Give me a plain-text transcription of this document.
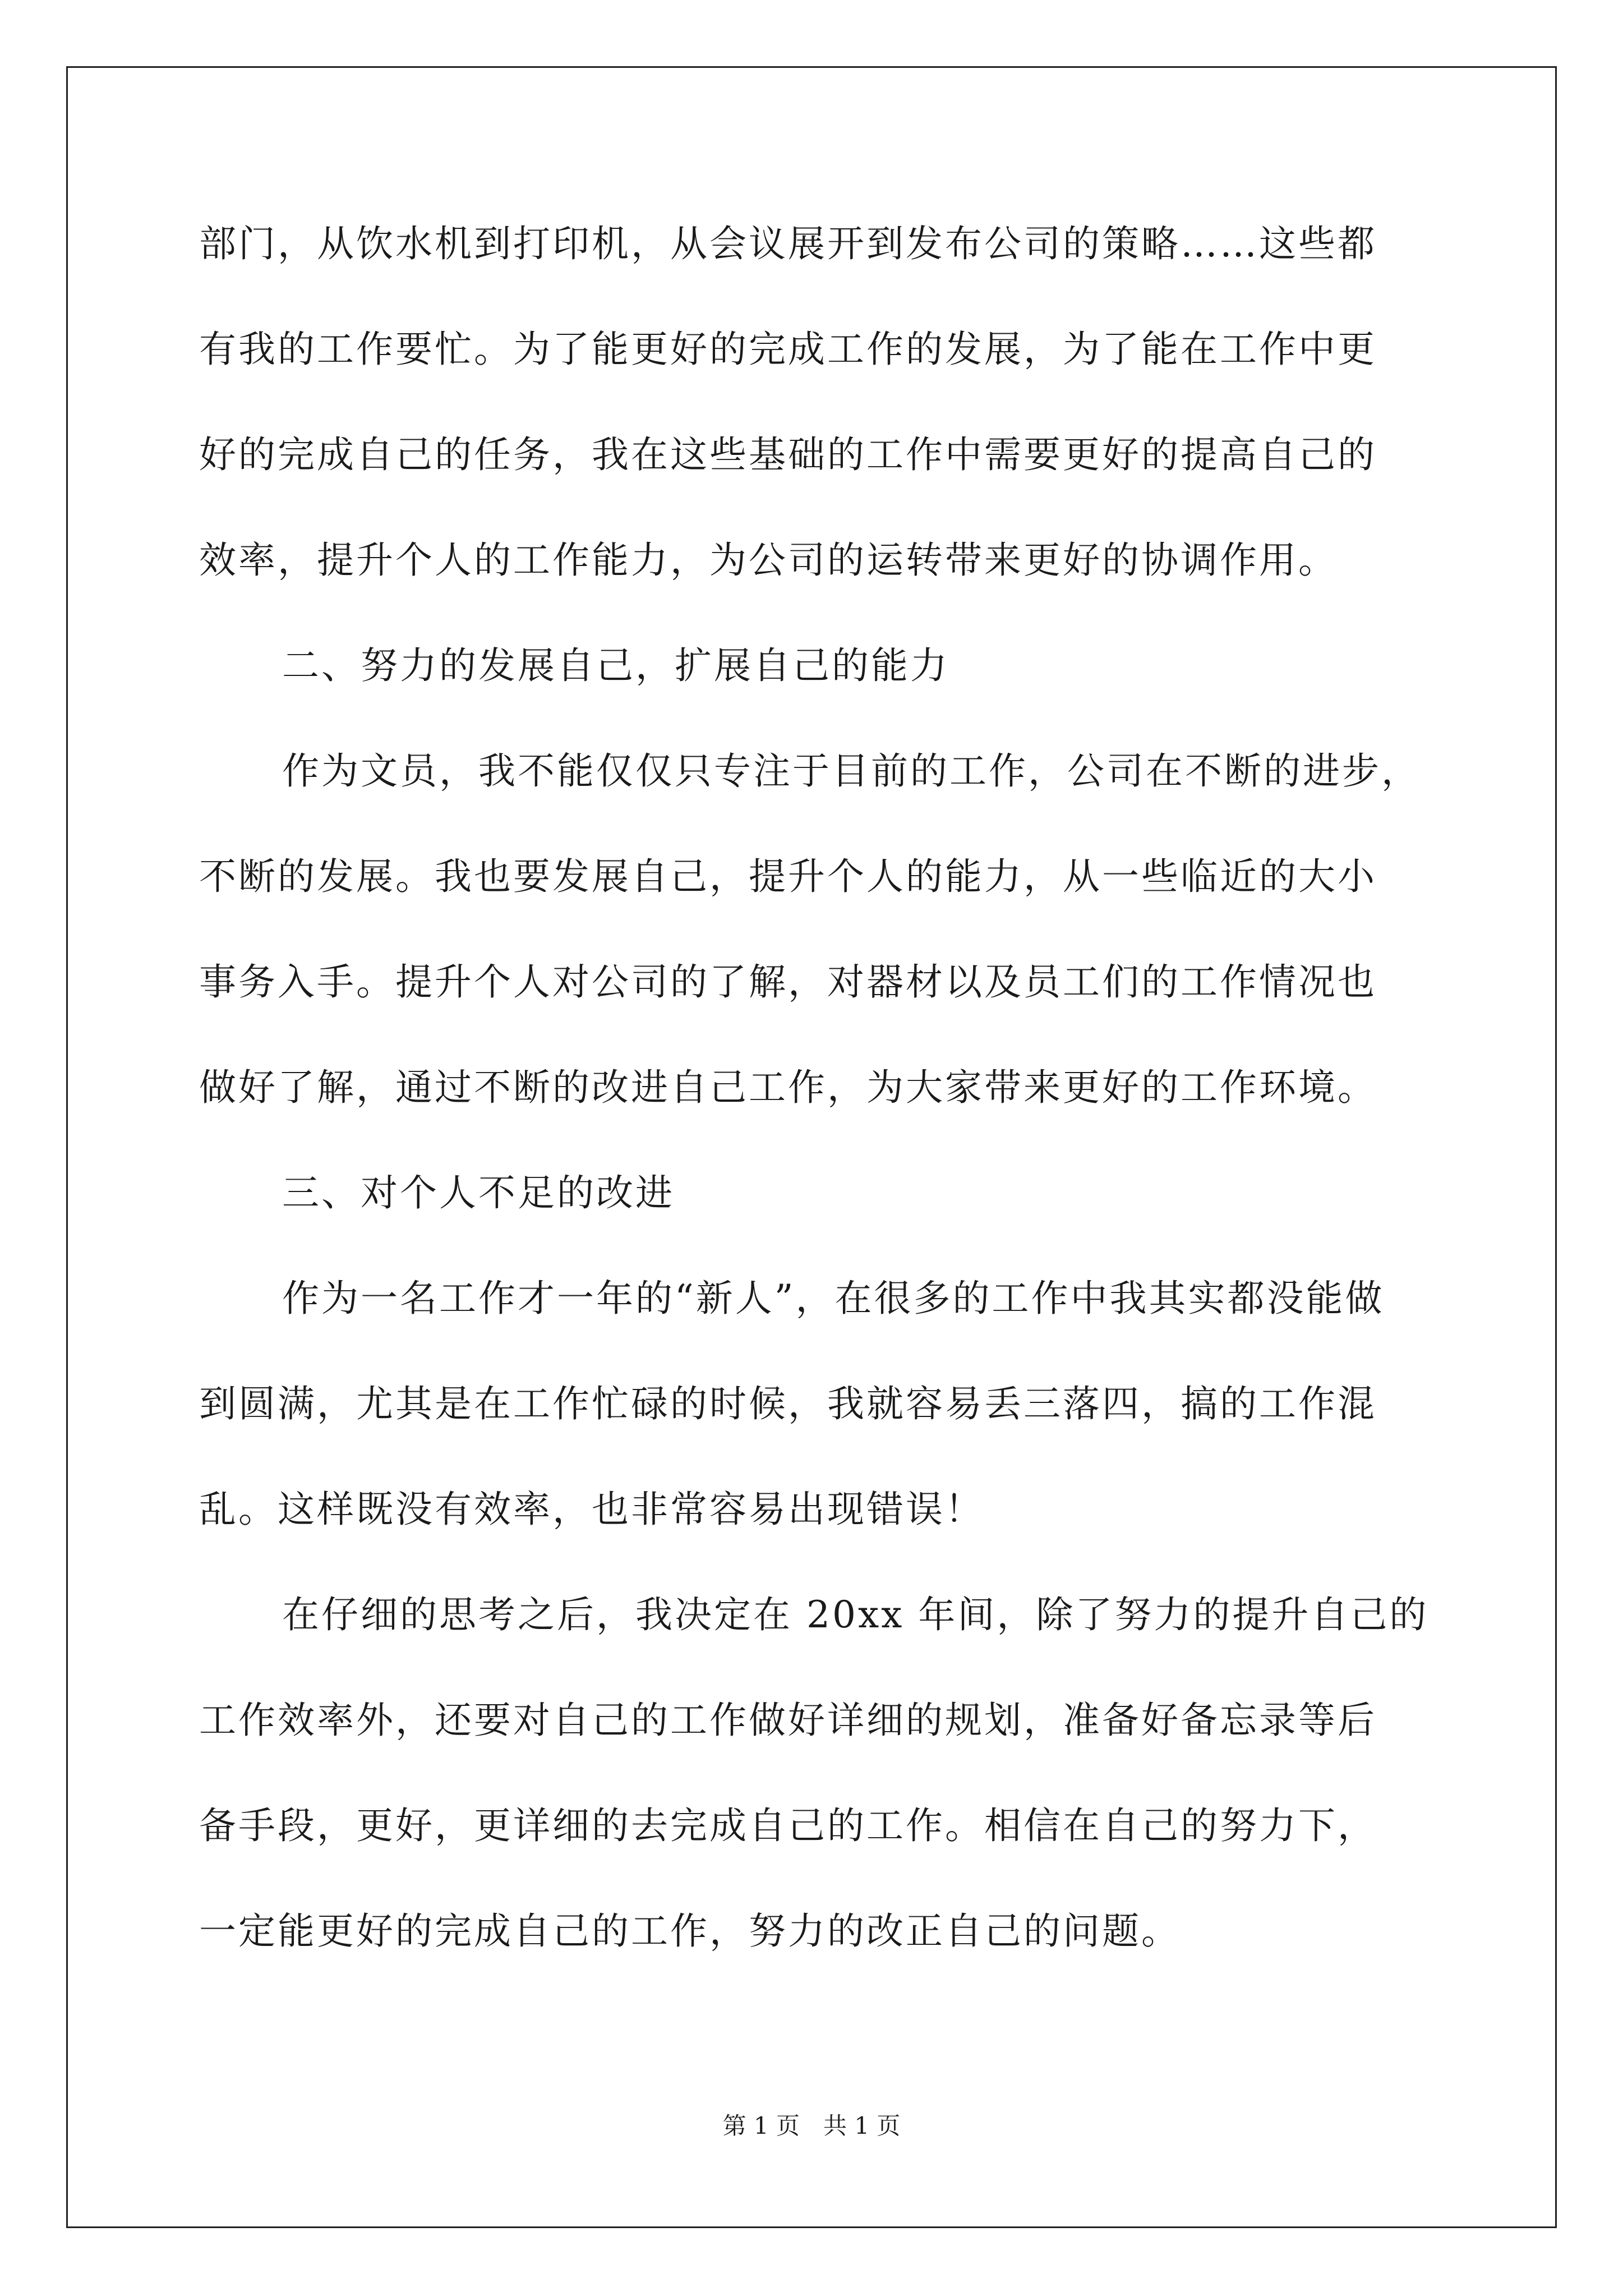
部门，从饮水机到打印机，从会议展开到发布公司的策略……这些都
有我的工作要忙。为了能更好的完成工作的发展，为了能在工作中更
好的完成自己的任务，我在这些基础的工作中需要更好的提高自己的
效率，提升个人的工作能力，为公司的运转带来更好的协调作用。
二、努力的发展自己，扩展自己的能力
作为文员，我不能仅仅只专注于目前的工作，公司在不断的进步，
不断的发展。我也要发展自己，提升个人的能力，从一些临近的大小
事务入手。提升个人对公司的了解，对器材以及员工们的工作情况也
做好了解，通过不断的改进自己工作，为大家带来更好的工作环境。
三、对个人不足的改进
作为一名工作才一年的“新人”，在很多的工作中我其实都没能做
到圆满，尤其是在工作忙碌的时候，我就容易丢三落四，搞的工作混
乱。这样既没有效率，也非常容易出现错误！
在仔细的思考之后，我决定在 20xx 年间，除了努力的提升自己的
工作效率外，还要对自己的工作做好详细的规划，准备好备忘录等后
备手段，更好，更详细的去完成自己的工作。相信在自己的努力下，
一定能更好的完成自己的工作，努力的改正自己的问题。
第 1 页　共 1 页
